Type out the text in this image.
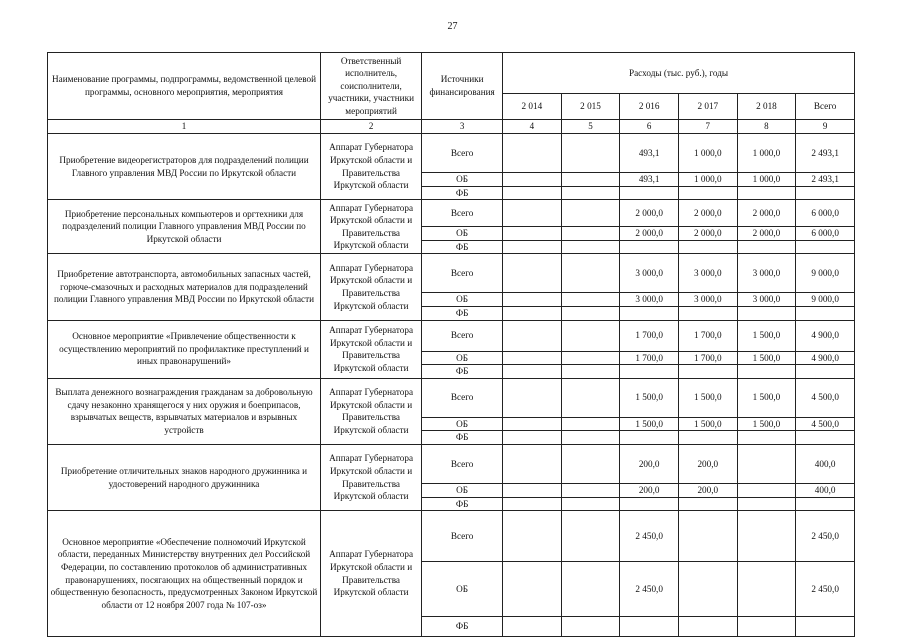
27
Наименование программы, подпрограммы, ведомственной целевой программы, основного мероприятия, мероприятия	Ответственный исполнитель, соисполнители, участники, участники мероприятий	Источники финансирования	Расходы (тыс. руб.), годы					
			2 014	2 015	2 016	2 017	2 018	Всего
1	2	3	4	5	6	7	8	9
Приобретение видеорегистраторов для подразделений полиции Главного управления МВД России по Иркутской области	Аппарат Губернатора Иркутской области и Правительства Иркутской области	Всего			493,1	1 000,0	1 000,0	2 493,1
		ОБ			493,1	1 000,0	1 000,0	2 493,1
		ФБ						
Приобретение персональных компьютеров и оргтехники для подразделений полиции Главного управления МВД России по Иркутской области	Аппарат Губернатора Иркутской области и Правительства Иркутской области	Всего			2 000,0	2 000,0	2 000,0	6 000,0
		ОБ			2 000,0	2 000,0	2 000,0	6 000,0
		ФБ						
Приобретение автотранспорта, автомобильных запасных частей, горюче-смазочных и расходных материалов для подразделений полиции Главного управления МВД России по Иркутской области	Аппарат Губернатора Иркутской области и Правительства Иркутской области	Всего			3 000,0	3 000,0	3 000,0	9 000,0
		ОБ			3 000,0	3 000,0	3 000,0	9 000,0
		ФБ						
Основное мероприятие «Привлечение общественности к осуществлению мероприятий по профилактике преступлений и иных правонарушений»	Аппарат Губернатора Иркутской области и Правительства Иркутской области	Всего			1 700,0	1 700,0	1 500,0	4 900,0
		ОБ			1 700,0	1 700,0	1 500,0	4 900,0
		ФБ						
Выплата денежного вознаграждения гражданам за добровольную сдачу незаконно хранящегося у них оружия и боеприпасов, взрывчатых веществ, взрывчатых материалов и взрывных устройств	Аппарат Губернатора Иркутской области и Правительства Иркутской области	Всего			1 500,0	1 500,0	1 500,0	4 500,0
		ОБ			1 500,0	1 500,0	1 500,0	4 500,0
		ФБ						
Приобретение отличительных знаков народного дружинника и удостоверений народного дружинника	Аппарат Губернатора Иркутской области и Правительства Иркутской области	Всего			200,0	200,0		400,0
		ОБ			200,0	200,0		400,0
		ФБ						
Основное мероприятие «Обеспечение полномочий Иркутской области, переданных Министерству внутренних дел Российской Федерации, по составлению протоколов об административных правонарушениях, посягающих на общественный порядок и общественную безопасность, предусмотренных Законом Иркутской области от 12 ноября 2007 года № 107-оз»	Аппарат Губернатора Иркутской области и Правительства Иркутской области	Всего			2 450,0			2 450,0
		ОБ			2 450,0			2 450,0
		ФБ						
